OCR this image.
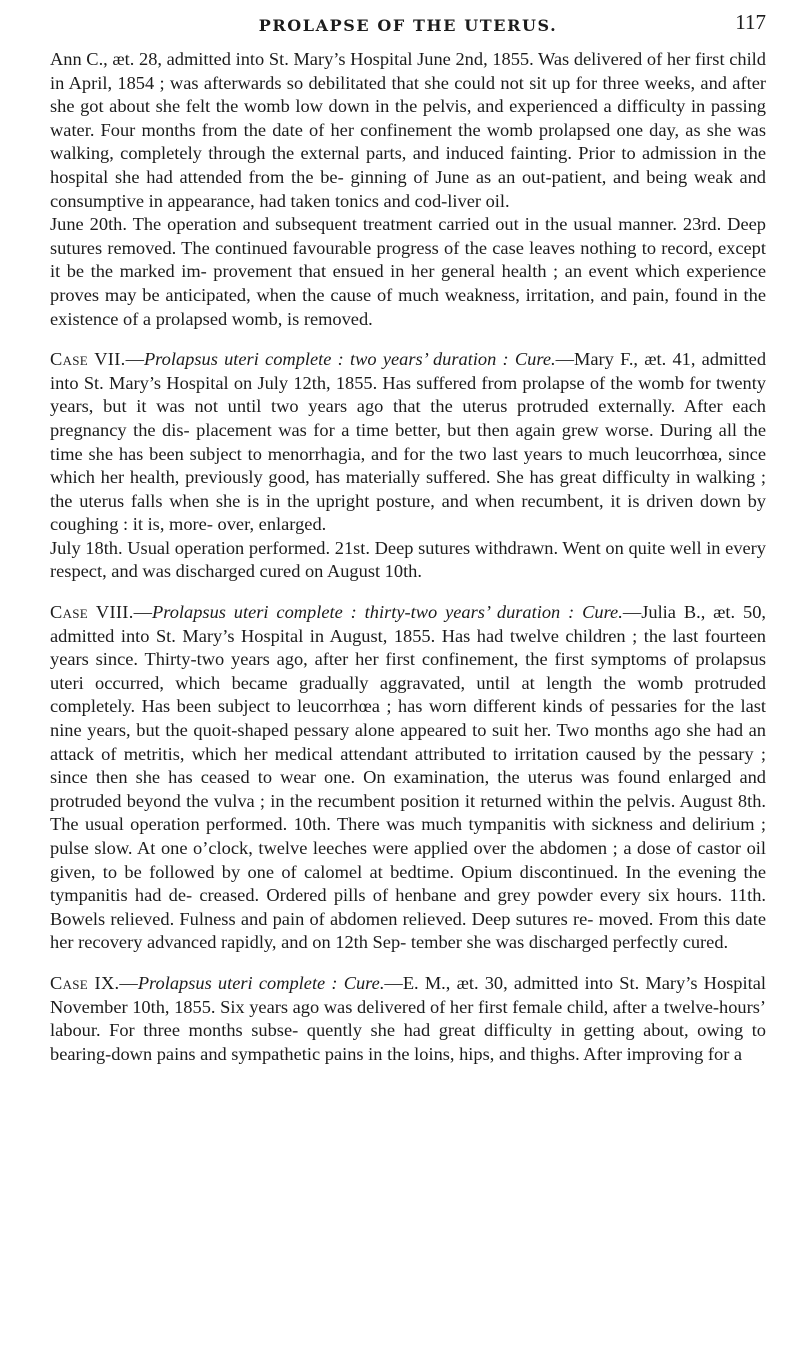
PROLAPSE OF THE UTERUS.	117

Ann C., æt. 28, admitted into St. Mary’s Hospital June 2nd, 1855. Was delivered of her first child in April, 1854 ; was afterwards so debilitated that she could not sit up for three weeks, and after she got about she felt the womb low down in the pelvis, and experienced a difficulty in passing water. Four months from the date of her confinement the womb prolapsed one day, as she was walking, completely through the external parts, and induced fainting. Prior to admission in the hospital she had attended from the be- ginning of June as an out-patient, and being weak and consumptive in appearance, had taken tonics and cod-liver oil.

June 20th. The operation and subsequent treatment carried out in the usual manner. 23rd. Deep sutures removed. The continued favourable progress of the case leaves nothing to record, except it be the marked im- provement that ensued in her general health ; an event which experience proves may be anticipated, when the cause of much weakness, irritation, and pain, found in the existence of a prolapsed womb, is removed.

Case VII.—Prolapsus uteri complete : two years’ duration : Cure.—Mary F., æt. 41, admitted into St. Mary’s Hospital on July 12th, 1855. Has suffered from prolapse of the womb for twenty years, but it was not until two years ago that the uterus protruded externally. After each pregnancy the dis- placement was for a time better, but then again grew worse. During all the time she has been subject to menorrhagia, and for the two last years to much leucorrhœa, since which her health, previously good, has materially suffered. She has great difficulty in walking ; the uterus falls when she is in the upright posture, and when recumbent, it is driven down by coughing : it is, more- over, enlarged.

July 18th. Usual operation performed. 21st. Deep sutures withdrawn. Went on quite well in every respect, and was discharged cured on August 10th.

Case VIII.—Prolapsus uteri complete : thirty-two years’ duration : Cure.—Julia B., æt. 50, admitted into St. Mary’s Hospital in August, 1855. Has had twelve children ; the last fourteen years since. Thirty-two years ago, after her first confinement, the first symptoms of prolapsus uteri occurred, which became gradually aggravated, until at length the womb protruded completely. Has been subject to leucorrhœa ; has worn different kinds of pessaries for the last nine years, but the quoit-shaped pessary alone appeared to suit her. Two months ago she had an attack of metritis, which her medical attendant attributed to irritation caused by the pessary ; since then she has ceased to wear one. On examination, the uterus was found enlarged and protruded beyond the vulva ; in the recumbent position it returned within the pelvis. August 8th. The usual operation performed. 10th. There was much tympanitis with sickness and delirium ; pulse slow. At one o’clock, twelve leeches were applied over the abdomen ; a dose of castor oil given, to be followed by one of calomel at bedtime. Opium discontinued. In the evening the tympanitis had de- creased. Ordered pills of henbane and grey powder every six hours. 11th. Bowels relieved. Fulness and pain of abdomen relieved. Deep sutures re- moved. From this date her recovery advanced rapidly, and on 12th Sep- tember she was discharged perfectly cured.

Case IX.—Prolapsus uteri complete : Cure.—E. M., æt. 30, admitted into St. Mary’s Hospital November 10th, 1855. Six years ago was delivered of her first female child, after a twelve-hours’ labour. For three months subse- quently she had great difficulty in getting about, owing to bearing-down pains and sympathetic pains in the loins, hips, and thighs. After improving for a
